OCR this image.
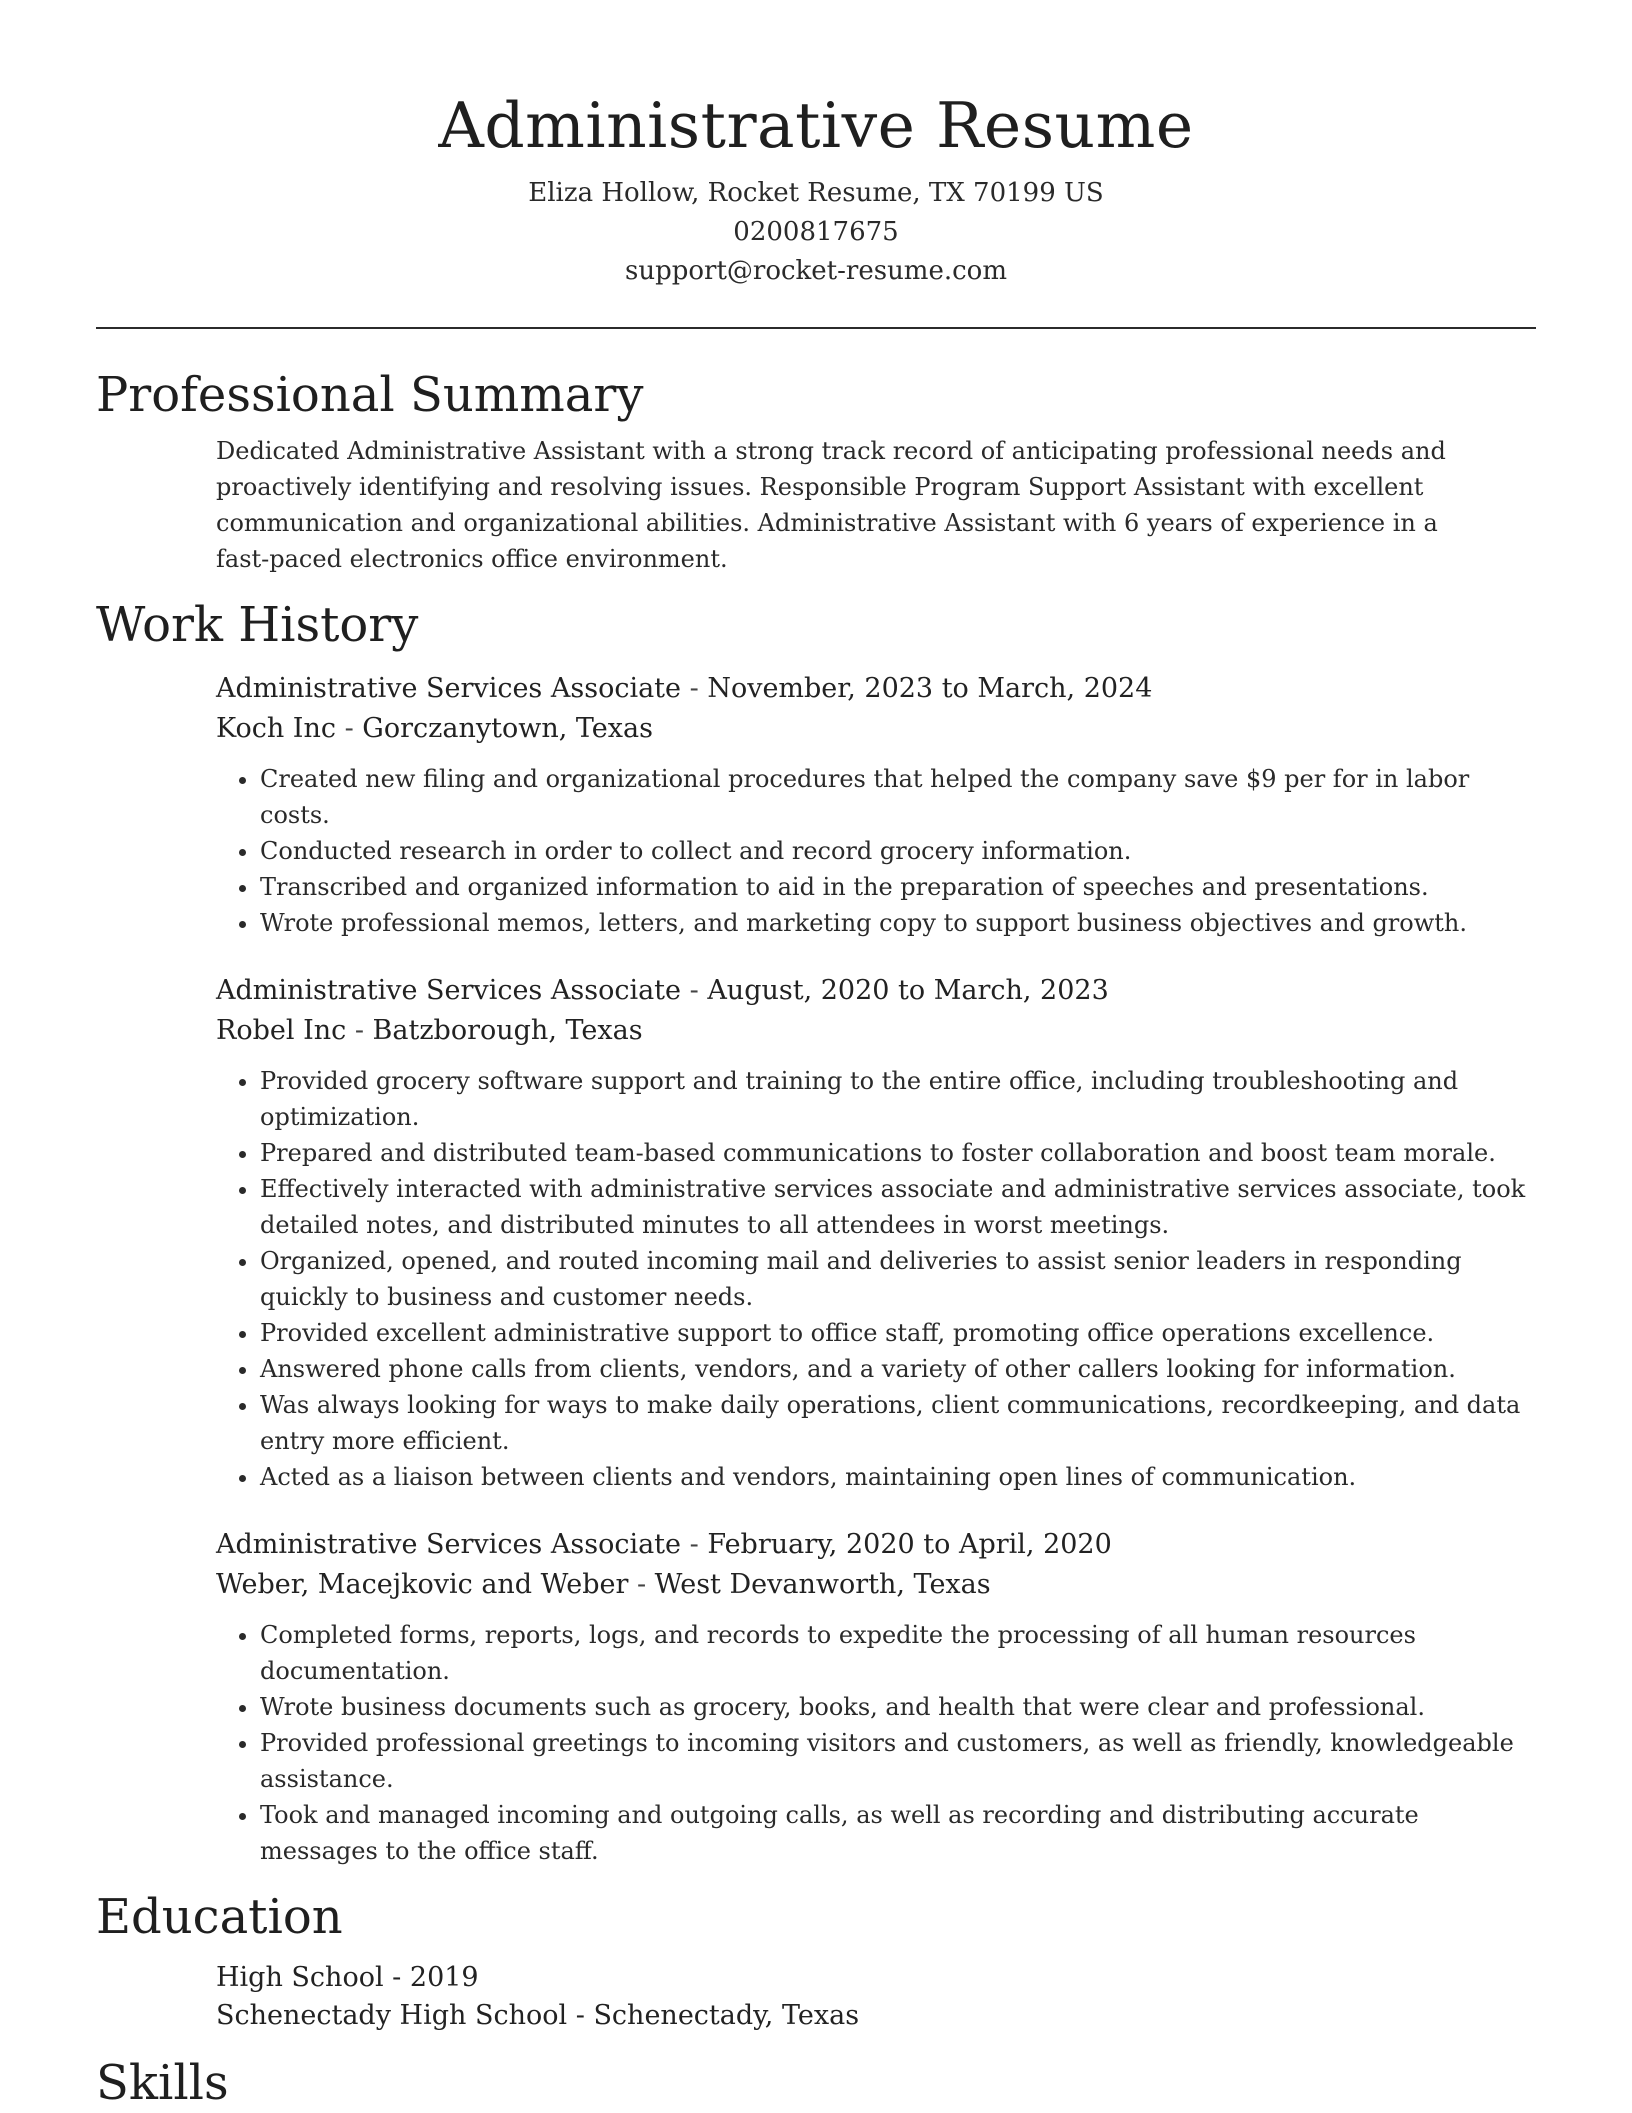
Administrative Resume
Eliza Hollow, Rocket Resume, TX 70199 US
0200817675
support@rocket-resume.com
Professional Summary

Dedicated Administrative Assistant with a strong track record of anticipating professional needs and proactively identifying and resolving issues. Responsible Program Support Assistant with excellent communication and organizational abilities. Administrative Assistant with 6 years of experience in a fast-paced electronics office environment.

Work History
Administrative Services Associate - November, 2023 to March, 2024
Koch Inc - Gorczanytown, Texas
• Created new filing and organizational procedures that helped the company save $9 per for in labor costs.
• Conducted research in order to collect and record grocery information.
• Transcribed and organized information to aid in the preparation of speeches and presentations.
• Wrote professional memos, letters, and marketing copy to support business objectives and growth.
Administrative Services Associate - August, 2020 to March, 2023
Robel Inc - Batzborough, Texas
• Provided grocery software support and training to the entire office, including troubleshooting and optimization.
• Prepared and distributed team-based communications to foster collaboration and boost team morale.
• Effectively interacted with administrative services associate and administrative services associate, took detailed notes, and distributed minutes to all attendees in worst meetings.
• Organized, opened, and routed incoming mail and deliveries to assist senior leaders in responding quickly to business and customer needs.
• Provided excellent administrative support to office staff, promoting office operations excellence.
• Answered phone calls from clients, vendors, and a variety of other callers looking for information.
• Was always looking for ways to make daily operations, client communications, recordkeeping, and data entry more efficient.
• Acted as a liaison between clients and vendors, maintaining open lines of communication.
Administrative Services Associate - February, 2020 to April, 2020
Weber, Macejkovic and Weber - West Devanworth, Texas
• Completed forms, reports, logs, and records to expedite the processing of all human resources documentation.
• Wrote business documents such as grocery, books, and health that were clear and professional.
• Provided professional greetings to incoming visitors and customers, as well as friendly, knowledgeable assistance.
• Took and managed incoming and outgoing calls, as well as recording and distributing accurate messages to the office staff.
Education
High School - 2019
Schenectady High School - Schenectady, Texas
Skills
